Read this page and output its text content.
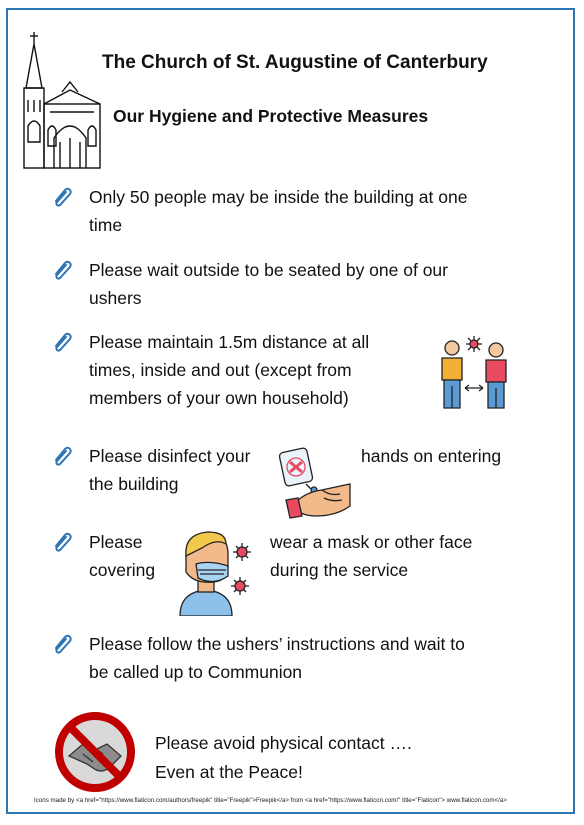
The Church of St. Augustine of Canterbury
Our Hygiene and Protective Measures
Only 50 people may be inside the building at one
time
Please wait outside to be seated by one of our
ushers
Please maintain 1.5m distance at all
times, inside and out (except from
members of your own household)
Please disinfect your
the building
hands on entering
Please
covering
wear a mask or other face
during the service
Please follow the ushers’ instructions and wait to
be called up to Communion
Please avoid physical contact ….
Even at the Peace!
Icons made by <a href="https://www.flaticon.com/authors/freepik" title="Freepik">Freepik</a> from <a href="https://www.flaticon.com/" title="Flaticon"> www.flaticon.com</a>
